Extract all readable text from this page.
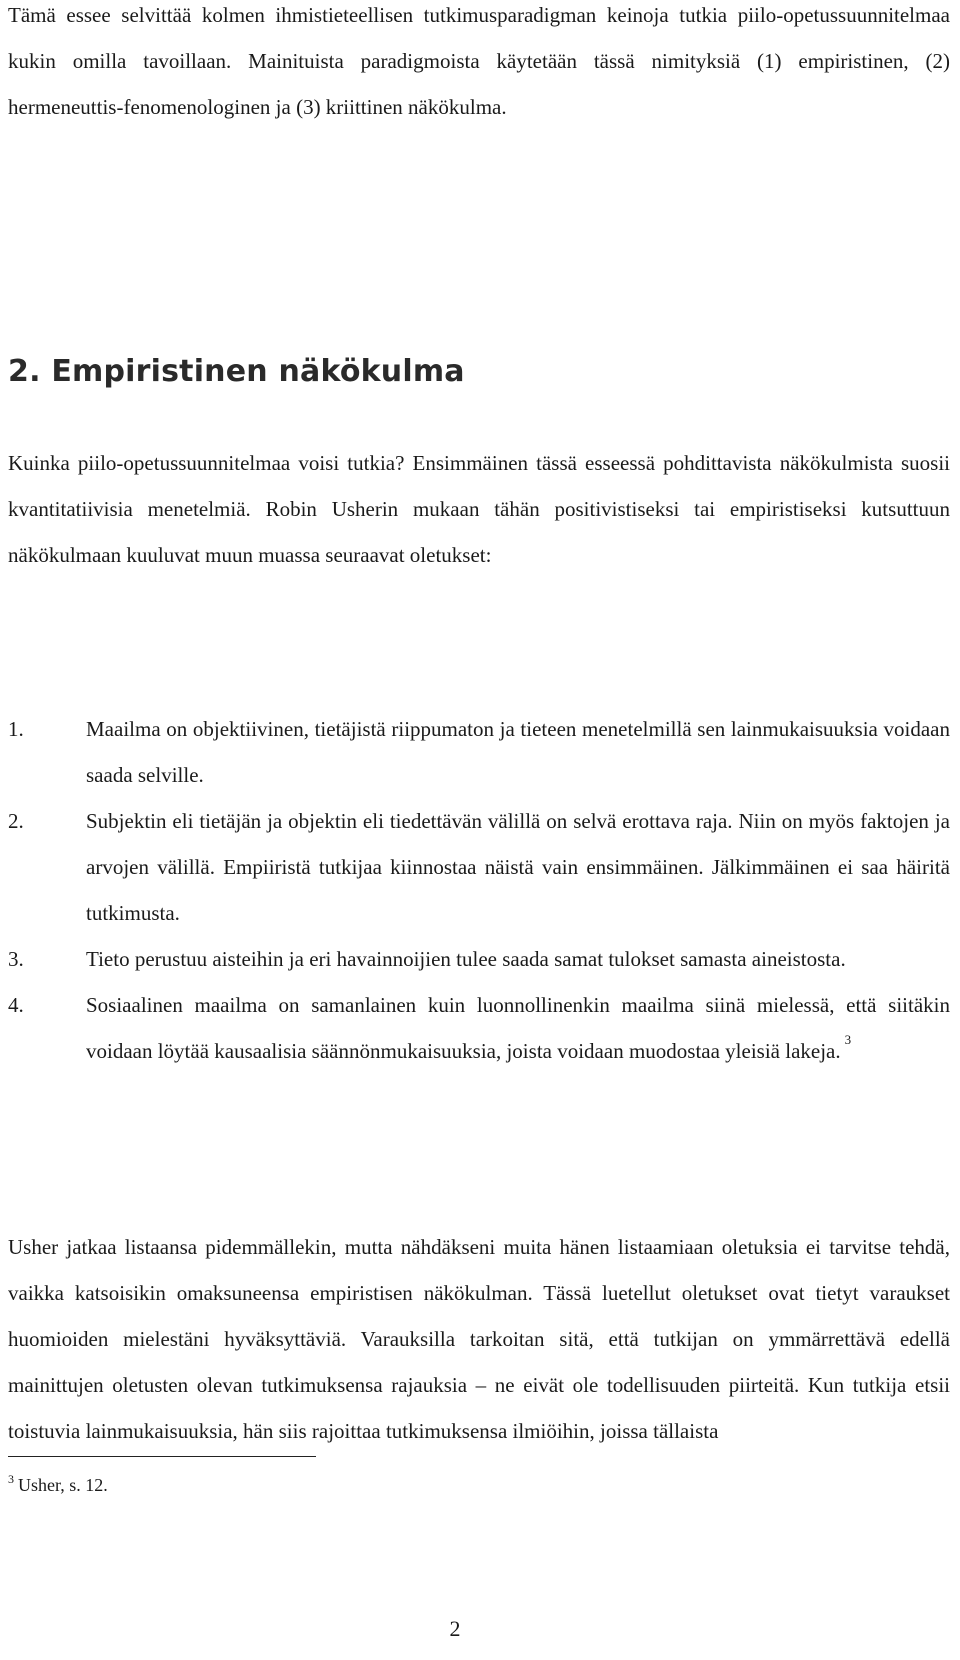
Tämä essee selvittää kolmen ihmistieteellisen tutkimusparadigman keinoja tutkia piilo-opetussuunnitelmaa kukin omilla tavoillaan. Mainituista paradigmoista käytetään tässä nimityksiä (1) empiristinen, (2) hermeneuttis-fenomenologinen ja (3) kriittinen näkökulma.

2. Empiristinen näkökulma

Kuinka piilo-opetussuunnitelmaa voisi tutkia? Ensimmäinen tässä esseessä pohdittavista näkökulmista suosii kvantitatiivisia menetelmiä. Robin Usherin mukaan tähän positivistiseksi tai empiristiseksi kutsuttuun näkökulmaan kuuluvat muun muassa seuraavat oletukset:

1.	Maailma on objektiivinen, tietäjistä riippumaton ja tieteen menetelmillä sen lainmukaisuuksia voidaan saada selville.
2.	Subjektin eli tietäjän ja objektin eli tiedettävän välillä on selvä erottava raja. Niin on myös faktojen ja arvojen välillä. Empiiristä tutkijaa kiinnostaa näistä vain ensimmäinen. Jälkimmäinen ei saa häiritä tutkimusta.
3.	Tieto perustuu aisteihin ja eri havainnoijien tulee saada samat tulokset samasta aineistosta.
4.	Sosiaalinen maailma on samanlainen kuin luonnollinenkin maailma siinä mielessä, että siitäkin voidaan löytää kausaalisia säännönmukaisuuksia, joista voidaan muodostaa yleisiä lakeja. $^3$

Usher jatkaa listaansa pidemmällekin, mutta nähdäkseni muita hänen listaamiaan oletuksia ei tarvitse tehdä, vaikka katsoisikin omaksuneensa empiristisen näkökulman. Tässä luetellut oletukset ovat tietyt varaukset huomioiden mielestäni hyväksyttäviä. Varauksilla tarkoitan sitä, että tutkijan on ymmärrettävä edellä mainittujen oletusten olevan tutkimuksensa rajauksia – ne eivät ole todellisuuden piirteitä. Kun tutkija etsii toistuvia lainmukaisuuksia, hän siis rajoittaa tutkimuksensa ilmiöihin, joissa tällaista

$^3$ Usher, s. 12.

2
